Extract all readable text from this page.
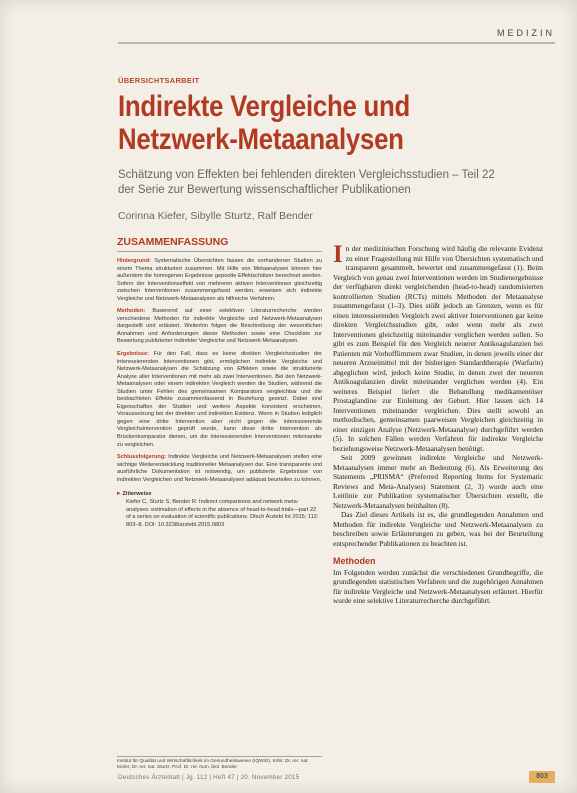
MEDIZIN
ÜBERSICHTSARBEIT
Indirekte Vergleiche und Netzwerk-Metaanalysen
Schätzung von Effekten bei fehlenden direkten Vergleichsstudien – Teil 22 der Serie zur Bewertung wissenschaftlicher Publikationen
Corinna Kiefer, Sibylle Sturtz, Ralf Bender
ZUSAMMENFASSUNG

Hintergrund: Systematische Übersichten fassen die vorhandenen Studien zu einem Thema strukturiert zusammen. Mit Hilfe von Metaanalysen können hier außerdem die homogenen Ergebnisse gepoolte Effektschätzer berechnet werden. Sofern der Interventionseffekt von mehreren aktiven Interventionen gleichzeitig zwischen Interventionen zusammengefasst werden, erweisen sich indirekte Vergleiche und Netzwerk-Metaanalysen als hilfreiche Verfahren.

Methoden: Basierend auf einer selektiven Literaturrecherche werden verschiedene Methoden für indirekte Vergleiche und Netzwerk-Metaanalysen dargestellt und erläutert. Weiterhin folgen die Beschreibung der wesentlichen Annahmen und Anforderungen dieser Methoden sowie eine Checkliste zur Bewertung publizierter indirekter Vergleiche und Netzwerk-Metaanalysen.

Ergebnisse: Für den Fall, dass es keine direkten Vergleichsstudien der interessierenden Interventionen gibt, ermöglichen indirekte Vergleiche und Netzwerk-Metaanalysen die Schätzung von Effekten sowie die strukturierte Analyse aller Interventionen mit mehr als zwei Interventionen. Bei den Netzwerk-Metaanalysen oder einem indirekten Vergleich werden die Studien, während die Studien unter Fehlen des gemeinsamen Komparators vergleichbar und die beobachteten Effekte zusammenfassend in Beziehung gesetzt. Dabei sind Eigenschaften der Studien und weitere Aspekte konsistent erscheinen, Voraussetzung bei der direkten und indirekten Evidenz. Wenn in Studien lediglich gegen eine dritte Intervention aber nicht gegen die interessierende Vergleichsintervention geprüft wurde, kann diese dritte Intervention als Brückenkomparator dienen, um die interessierenden Interventionen miteinander zu vergleichen.

Schlussfolgerung: Indirekte Vergleiche und Netzwerk-Metaanalysen stellen eine wichtige Weiterentwicklung traditioneller Metaanalysen dar. Eine transparente und ausführliche Dokumentation ist notwendig, um publizierte Ergebnisse von indirekten Vergleichen und Netzwerk-Metaanalysen adäquat beurteilen zu können.

▸ Zitierweise
Kiefer C, Sturtz S, Bender R: Indirect comparisons and network meta-analyses: estimation of effects in the absence of head-to-head trials—part 22 of a series on evaluation of scientific publications. Dtsch Arztebl Int 2015; 112: 803–8. DOI: 10.3238/arztebl.2015.0803
Institut für Qualität und Wirtschaftlichkeit im Gesundheitswesen (IQWiG), Köln: Dr. rer. nat. Kiefer, Dr. rer. nat. Sturtz, Prof. Dr. rer. hum. biol. Bender

In der medizinischen Forschung wird häufig die relevante Evidenz zu einer Fragestellung mit Hilfe von Übersichten systematisch und transparent gesammelt, bewertet und zusammengefasst (1). Beim Vergleich von genau zwei Interventionen werden im Studienergebnisse der verfügbaren direkt vergleichenden (head-to-head) randomisierten kontrollierten Studien (RCTs) mittels Methoden der Metaanalyse zusammengefasst (1–3). Dies stößt jedoch an Grenzen, wenn es für einen interessierenden Vergleich zwei aktiver Interventionen gar keine direkten Vergleichsstudien gibt, oder wenn mehr als zwei Interventionen gleichzeitig miteinander verglichen werden sollen. So gibt es zum Beispiel für den Vergleich neuerer Antikoagulanzien bei Patienten mit Vorhofflimmern zwar Studien, in denen jeweils einer der neueren Arzneimittel mit der bisherigen Standardtherapie (Warfarin) abgeglichen wird, jedoch keine Studie, in denen zwei der neueren Antikoagulanzien direkt miteinander verglichen werden (4). Ein weiteres Beispiel liefert die Behandlung medikamentöser Prostaglandine zur Einleitung der Geburt. Hier lassen sich 14 Interventionen miteinander vergleichen. Dies stellt sowohl an methodischen, gemeinsamen paarweisen Vergleichen gleichzeitig in einer einzigen Analyse (Netzwerk-Metaanalyse) durchgeführt werden (5). In solchen Fällen werden Verfahren für indirekte Vergleiche beziehungsweise Netzwerk-Metaanalysen benötigt.

Seit 2009 gewinnen indirekte Vergleiche und Netzwerk-Metaanalysen immer mehr an Bedeutung (6). Als Erweiterung des Statements „PRISMA“ (Preferred Reporting Items for Systematic Reviews and Meta-Analyses) Statement (2, 3) wurde auch eine Leitlinie zur Publikation systematischer Übersichten erstellt, die Netzwerk-Metaanalysen beinhalten (8).

Das Ziel dieses Artikels ist es, die grundlegenden Annahmen und Methoden für indirekte Vergleiche und Netzwerk-Metaanalysen zu beschreiben sowie Erläuterungen zu geben, was bei der Beurteilung entsprechender Publikationen zu beachten ist.

Methoden

Im Folgenden werden zunächst die verschiedenen Grundbegriffe, die grundlegenden statistischen Verfahren und die zugehörigen Annahmen für indirekte Vergleiche und Netzwerk-Metaanalysen erläutert. Hierfür wurde eine selektive Literaturrecherche durchgeführt.

Deutsches Ärzteblatt | Jg. 112 | Heft 47 | 20. November 2015	803
